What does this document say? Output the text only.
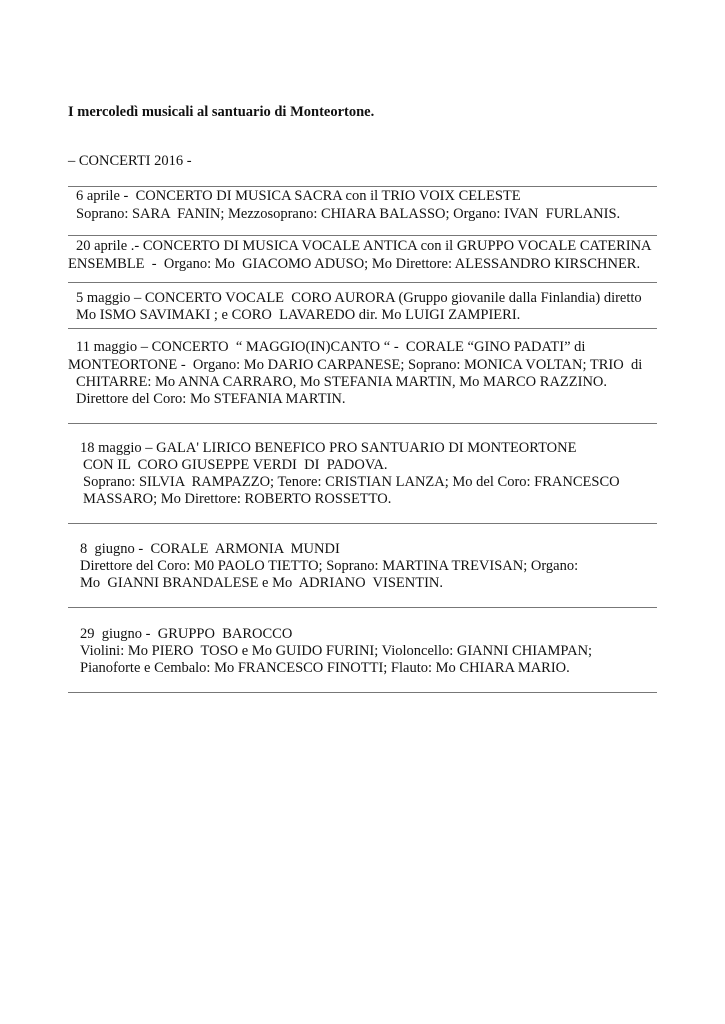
I mercoledì musicali al santuario di Monteortone.
– CONCERTI 2016 -
6 aprile -  CONCERTO DI MUSICA SACRA con il TRIO VOIX CELESTE
Soprano: SARA  FANIN; Mezzosoprano: CHIARA BALASSO; Organo: IVAN  FURLANIS.
20 aprile .- CONCERTO DI MUSICA VOCALE ANTICA con il GRUPPO VOCALE CATERINA
ENSEMBLE  -  Organo: Mo  GIACOMO ADUSO; Mo Direttore: ALESSANDRO KIRSCHNER.
5 maggio – CONCERTO VOCALE  CORO AURORA (Gruppo giovanile dalla Finlandia) diretto
Mo ISMO SAVIMAKI ; e CORO  LAVAREDO dir. Mo LUIGI ZAMPIERI.
11 maggio – CONCERTO  “ MAGGIO(IN)CANTO “ -  CORALE “GINO PADATI” di
MONTEORTONE -  Organo: Mo DARIO CARPANESE; Soprano: MONICA VOLTAN; TRIO  di
CHITARRE: Mo ANNA CARRARO, Mo STEFANIA MARTIN, Mo MARCO RAZZINO.
Direttore del Coro: Mo STEFANIA MARTIN.
18 maggio – GALA' LIRICO BENEFICO PRO SANTUARIO DI MONTEORTONE
CON IL  CORO GIUSEPPE VERDI  DI  PADOVA.
Soprano: SILVIA  RAMPAZZO; Tenore: CRISTIAN LANZA; Mo del Coro: FRANCESCO
MASSARO; Mo Direttore: ROBERTO ROSSETTO.
8  giugno -  CORALE  ARMONIA  MUNDI
Direttore del Coro: M0 PAOLO TIETTO; Soprano: MARTINA TREVISAN; Organo:
Mo  GIANNI BRANDALESE e Mo  ADRIANO  VISENTIN.
29  giugno -  GRUPPO  BAROCCO
Violini: Mo PIERO  TOSO e Mo GUIDO FURINI; Violoncello: GIANNI CHIAMPAN;
Pianoforte e Cembalo: Mo FRANCESCO FINOTTI; Flauto: Mo CHIARA MARIO.
